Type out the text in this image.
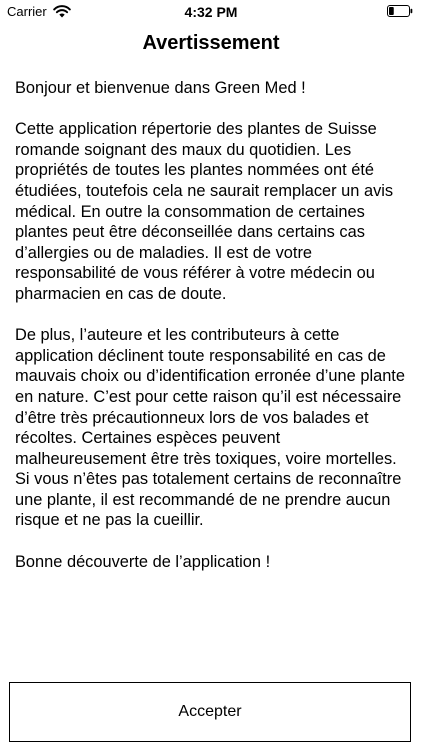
Carrier	4:32 PM
Avertissement

Bonjour et bienvenue dans Green Med !

Cette application répertorie des plantes de Suisse romande soignant des maux du quotidien. Les propriétés de toutes les plantes nommées ont été étudiées, toutefois cela ne saurait remplacer un avis médical. En outre la consommation de certaines plantes peut être déconseillée dans certains cas d’allergies ou de maladies. Il est de votre responsabilité de vous référer à votre médecin ou pharmacien en cas de doute.

De plus, l’auteure et les contributeurs à cette application déclinent toute responsabilité en cas de mauvais choix ou d’identification erronée d’une plante en nature. C’est pour cette raison qu’il est nécessaire d’être très précautionneux lors de vos balades et récoltes. Certaines espèces peuvent malheureusement être très toxiques, voire mortelles. Si vous n’êtes pas totalement certains de reconnaître une plante, il est recommandé de ne prendre aucun risque et ne pas la cueillir.

Bonne découverte de l’application !

Accepter
